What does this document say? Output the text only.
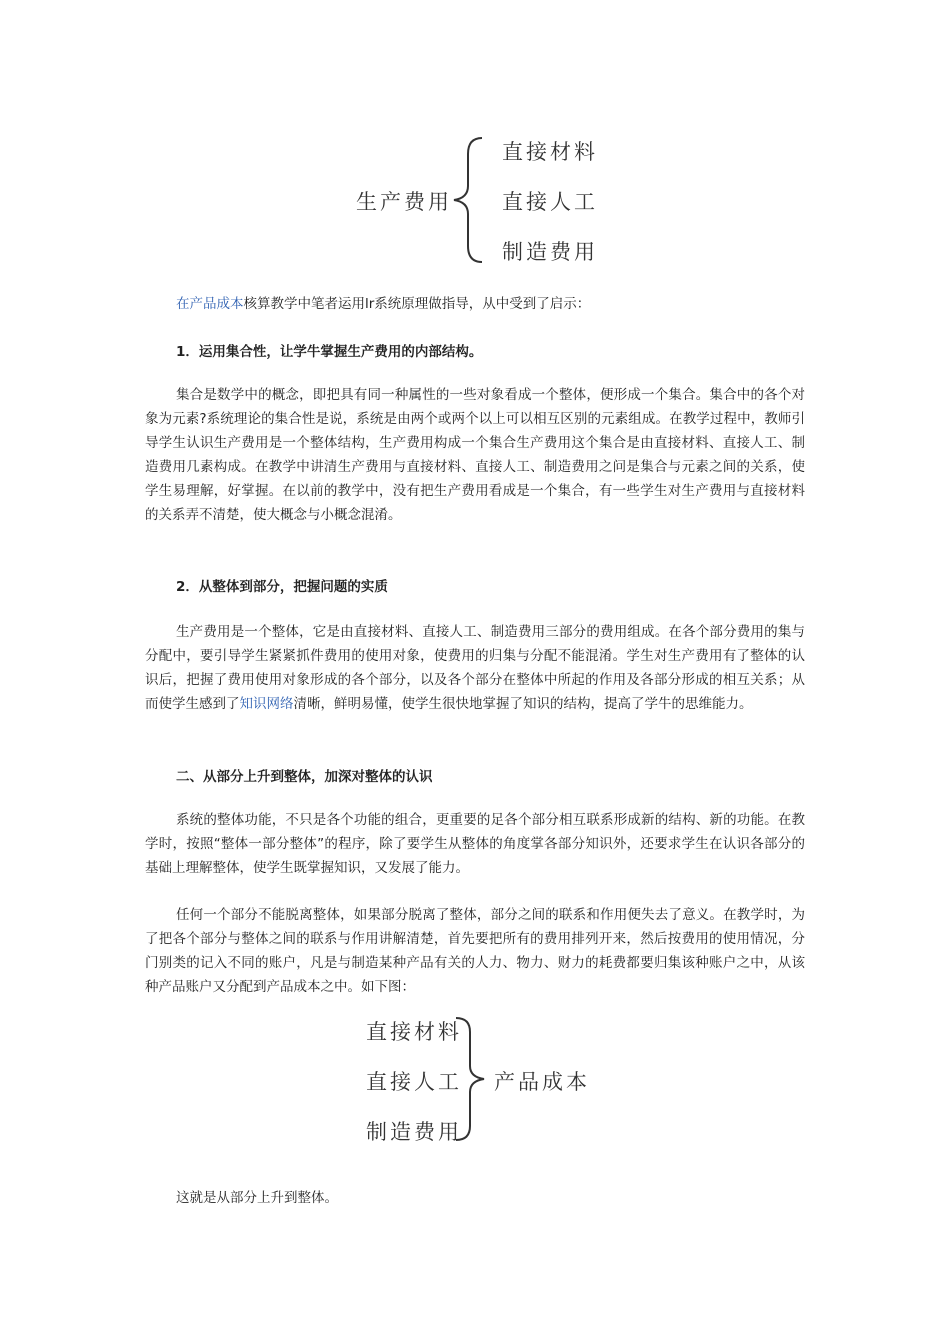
生产费用
直接材料
直接人工
制造费用

在产品成本核算教学中笔者运用lr系统原理做指导，从中受到了启示：

1．运用集合性，让学牛掌握生产费用的内部结构。

集合是数学中的概念，即把具有同一种属性的一些对象看成一个整体，便形成一个集合。集合中的各个对象为元素?系统理论的集合性是说，系统是由两个或两个以上可以相互区别的元素组成。在教学过程中，教师引导学生认识生产费用是一个整体结构，生产费用构成一个集合生产费用这个集合是由直接材料、直接人工、制造费用几素构成。在教学中讲清生产费用与直接材料、直接人工、制造费用之问是集合与元素之间的关系，使学生易理解，好掌握。在以前的教学中，没有把生产费用看成是一个集合，有一些学生对生产费用与直接材料的关系弄不清楚，使大概念与小概念混淆。

2．从整体到部分，把握问题的实质

生产费用是一个整体，它是由直接材料、直接人工、制造费用三部分的费用组成。在各个部分费用的集与分配中，要引导学生紧紧抓件费用的使用对象，使费用的归集与分配不能混淆。学生对生产费用有了整体的认识后，把握了费用使用对象形成的各个部分，以及各个部分在整体中所起的作用及各部分形成的相互关系；从而使学生感到了知识网络清晰，鲜明易懂，使学生很快地掌握了知识的结构，提高了学牛的思维能力。

二、从部分上升到整体，加深对整体的认识

系统的整体功能，不只是各个功能的组合，更重要的足各个部分相互联系形成新的结构、新的功能。在教学时，按照“整体一部分整体”的程序，除了要学生从整体的角度掌各部分知识外，还要求学生在认识各部分的基础上理解整体，使学生既掌握知识，又发展了能力。

任何一个部分不能脱离整体，如果部分脱离了整体，部分之间的联系和作用便失去了意义。在教学时，为了把各个部分与整体之间的联系与作用讲解清楚，首先要把所有的费用排列开来，然后按费用的使用情况，分门别类的记入不同的账户，凡是与制造某种产品有关的人力、物力、财力的耗费都要归集该种账户之中，从该种产品账户又分配到产品成本之中。如下图：

直接材料
直接人工
制造费用
产品成本

这就是从部分上升到整体。
